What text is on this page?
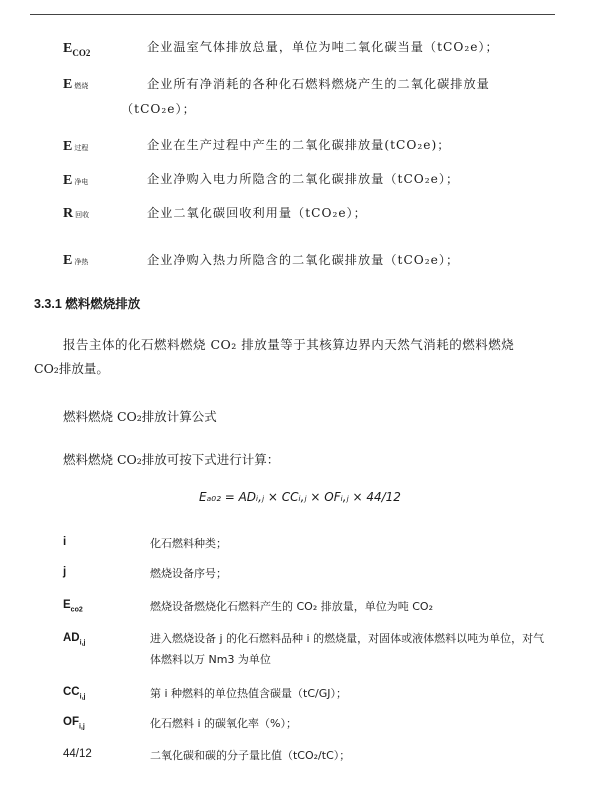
$E_{CO2}$	企业温室气体排放总量，单位为吨二氧化碳当量（tCO₂e）；
E燃烧	企业所有净消耗的各种化石燃料燃烧产生的二氧化碳排放量
（tCO₂e）；
E过程	企业在生产过程中产生的二氧化碳排放量(tCO₂e)；
E净电	企业净购入电力所隐含的二氧化碳排放量（tCO₂e）；
R回收	企业二氧化碳回收利用量（tCO₂e）；
E净热	企业净购入热力所隐含的二氧化碳排放量（tCO₂e）；
3.3.1 燃料燃烧排放
报告主体的化石燃料燃烧 CO₂ 排放量等于其核算边界内天然气消耗的燃料燃烧
CO₂排放量。
燃料燃烧 CO₂排放计算公式
燃料燃烧 CO₂排放可按下式进行计算：
Eₐ₀₂ = ADᵢ,ⱼ × CCᵢ,ⱼ × OFᵢ,ⱼ × 44/12
i	化石燃料种类；
j	燃烧设备序号；
$E_{co2}$	燃烧设备燃烧化石燃料产生的 CO₂ 排放量，单位为吨 CO₂
$AD_{i,j}$	进入燃烧设备 j 的化石燃料品种 i 的燃烧量，对固体或液体燃料以吨为单位，对气
体燃料以万 Nm3 为单位
$CC_{i,j}$	第 i 种燃料的单位热值含碳量（tC/GJ）；
$OF_{i,j}$	化石燃料 i 的碳氧化率（%）；
44/12	二氧化碳和碳的分子量比值（tCO₂/tC）；
